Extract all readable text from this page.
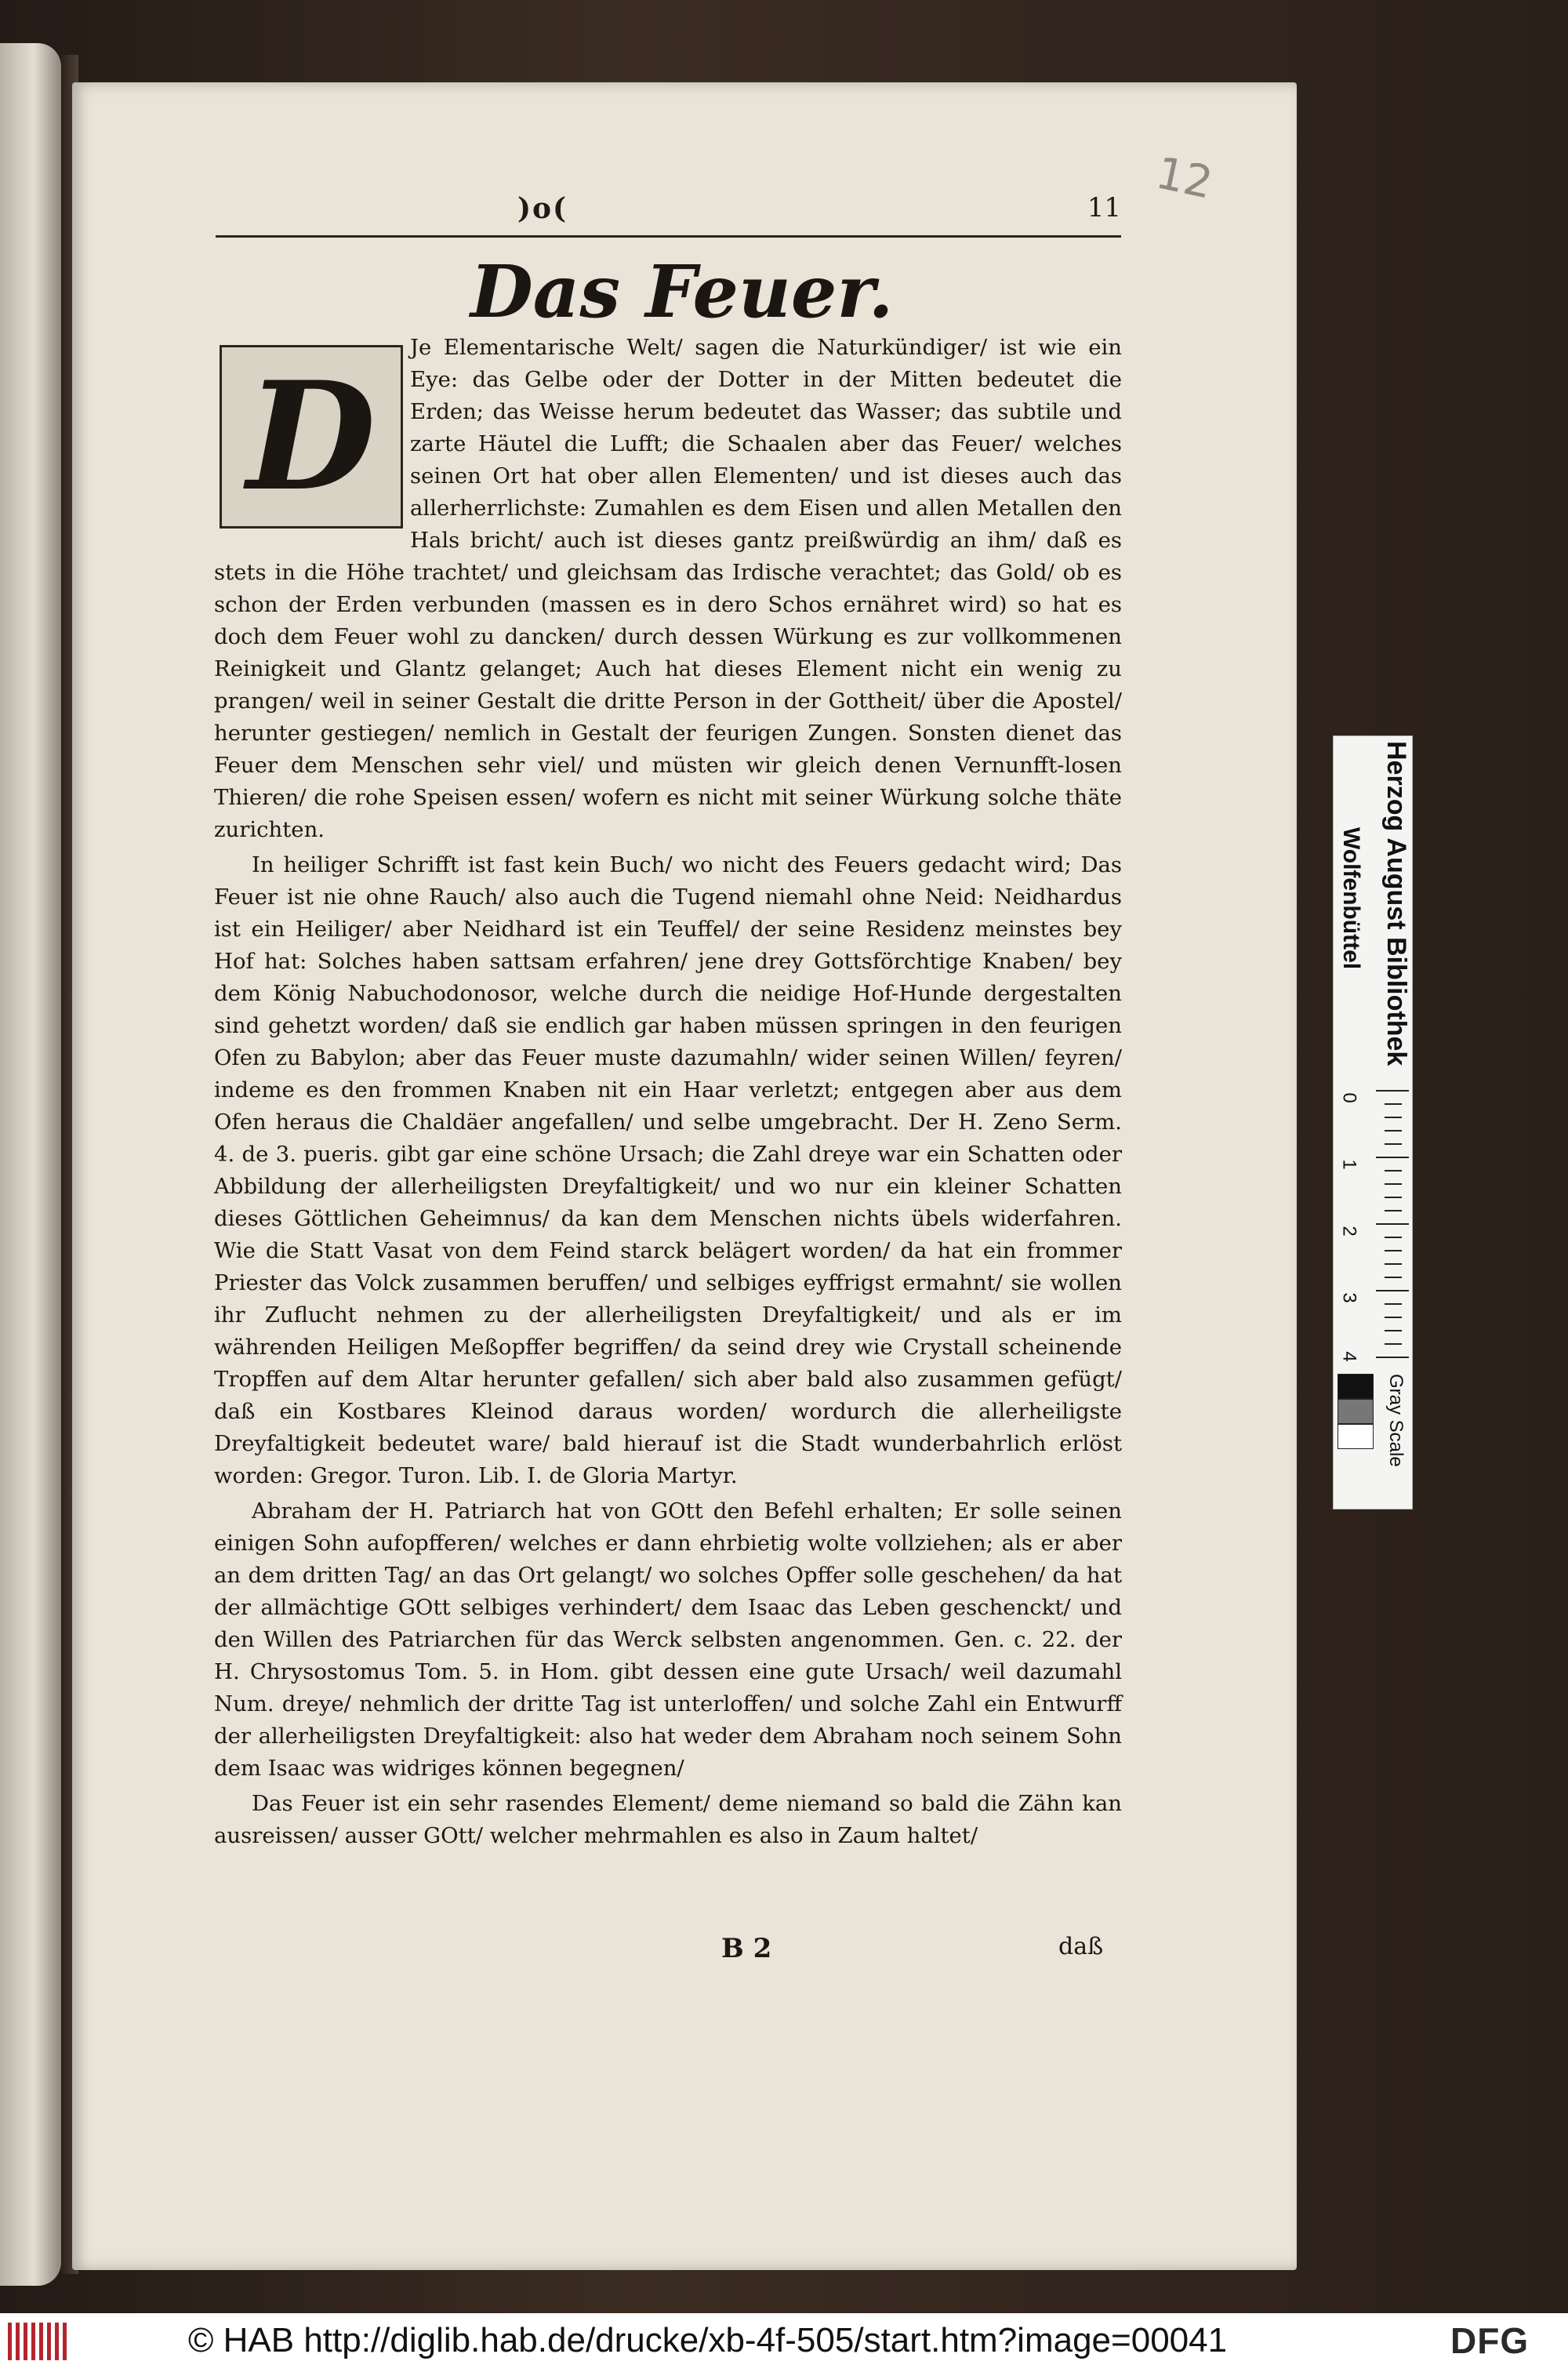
12
)o(	11
Das Feuer.
D

Je Elementarische Welt/ sagen die Naturkündiger/ ist wie ein Eye: das Gelbe oder der Dotter in der Mitten bedeutet die Erden; das Weisse herum bedeutet das Wasser; das subtile und zarte Häutel die Lufft; die Schaalen aber das Feuer/ welches seinen Ort hat ober allen Elementen/ und ist dieses auch das allerherrlichste: Zumahlen es dem Eisen und allen Metallen den Hals bricht/ auch ist dieses gantz preißwürdig an ihm/ daß es stets in die Höhe trachtet/ und gleichsam das Irdische verachtet; das Gold/ ob es schon der Erden verbunden (massen es in dero Schos ernähret wird) so hat es doch dem Feuer wohl zu dancken/ durch dessen Würkung es zur vollkommenen Reinigkeit und Glantz gelanget; Auch hat dieses Element nicht ein wenig zu prangen/ weil in seiner Gestalt die dritte Person in der Gottheit/ über die Apostel/ herunter gestiegen/ nemlich in Gestalt der feurigen Zungen. Sonsten dienet das Feuer dem Menschen sehr viel/ und müsten wir gleich denen Vernunfft-losen Thieren/ die rohe Speisen essen/ wofern es nicht mit seiner Würkung solche thäte zurichten.

In heiliger Schrifft ist fast kein Buch/ wo nicht des Feuers gedacht wird; Das Feuer ist nie ohne Rauch/ also auch die Tugend niemahl ohne Neid: Neidhardus ist ein Heiliger/ aber Neidhard ist ein Teuffel/ der seine Residenz meinstes bey Hof hat: Solches haben sattsam erfahren/ jene drey Gottsförchtige Knaben/ bey dem König Nabuchodonosor, welche durch die neidige Hof-Hunde dergestalten sind gehetzt worden/ daß sie endlich gar haben müssen springen in den feurigen Ofen zu Babylon; aber das Feuer muste dazumahln/ wider seinen Willen/ feyren/ indeme es den frommen Knaben nit ein Haar verletzt; entgegen aber aus dem Ofen heraus die Chaldäer angefallen/ und selbe umgebracht. Der H. Zeno Serm. 4. de 3. pueris. gibt gar eine schöne Ursach; die Zahl dreye war ein Schatten oder Abbildung der allerheiligsten Dreyfaltigkeit/ und wo nur ein kleiner Schatten dieses Göttlichen Geheimnus/ da kan dem Menschen nichts übels widerfahren. Wie die Statt Vasat von dem Feind starck belägert worden/ da hat ein frommer Priester das Volck zusammen beruffen/ und selbiges eyffrigst ermahnt/ sie wollen ihr Zuflucht nehmen zu der allerheiligsten Dreyfaltigkeit/ und als er im währenden Heiligen Meßopffer begriffen/ da seind drey wie Crystall scheinende Tropffen auf dem Altar herunter gefallen/ sich aber bald also zusammen gefügt/ daß ein Kostbares Kleinod daraus worden/ wordurch die allerheiligste Dreyfaltigkeit bedeutet ware/ bald hierauf ist die Stadt wunderbahrlich erlöst worden: Gregor. Turon. Lib. I. de Gloria Martyr.

Abraham der H. Patriarch hat von GOtt den Befehl erhalten; Er solle seinen einigen Sohn aufopfferen/ welches er dann ehrbietig wolte vollziehen; als er aber an dem dritten Tag/ an das Ort gelangt/ wo solches Opffer solle geschehen/ da hat der allmächtige GOtt selbiges verhindert/ dem Isaac das Leben geschenckt/ und den Willen des Patriarchen für das Werck selbsten angenommen. Gen. c. 22. der H. Chrysostomus Tom. 5. in Hom. gibt dessen eine gute Ursach/ weil dazumahl Num. dreye/ nehmlich der dritte Tag ist unterloffen/ und solche Zahl ein Entwurff der allerheiligsten Dreyfaltigkeit: also hat weder dem Abraham noch seinem Sohn dem Isaac was widriges können begegnen/

Das Feuer ist ein sehr rasendes Element/ deme niemand so bald die Zähn kan ausreissen/ ausser GOtt/ welcher mehrmahlen es also in Zaum haltet/

B 2	daß
Herzog August Bibliothek
Wolfenbüttel
0
1
2
3
4
Gray Scale
© HAB http://diglib.hab.de/drucke/xb-4f-505/start.htm?image=00041	DFG
